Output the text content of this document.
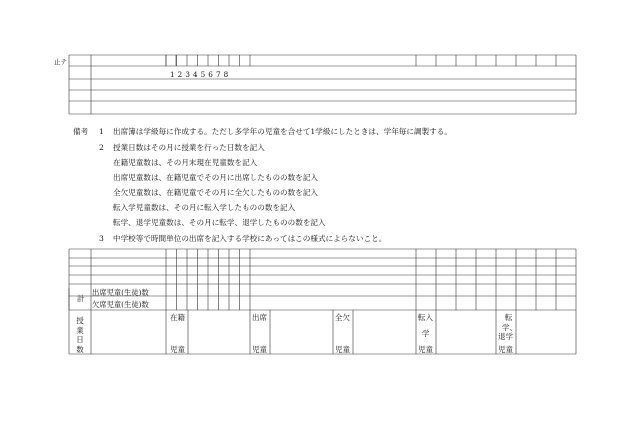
止テ
1 2 3 4 5 6 7 8
備考 1 出席簿は学級毎に作成する。ただし多学年の児童を合せて1学級にしたときは、学年毎に調製する。
2 授業日数はその月に授業を行った日数を記入
在籍児童数は、その月末現在児童数を記入
出席児童数は、在籍児童でその月に出席したものの数を記入
全欠児童数は、在籍児童でその月に全欠したものの数を記入
転入学児童数は、その月に転入学したものの数を記入
転学、退学児童数は、その月に転学、退学したものの数を記入
3 中学校等で時間単位の出席を記入する学校にあってはこの様式によらないこと。
計
出席児童(生徒)数
欠席児童(生徒)数
授業日数
在籍
児童
出席
児童
全欠
児童
転入
学
児童
転
学、
退学
児童
